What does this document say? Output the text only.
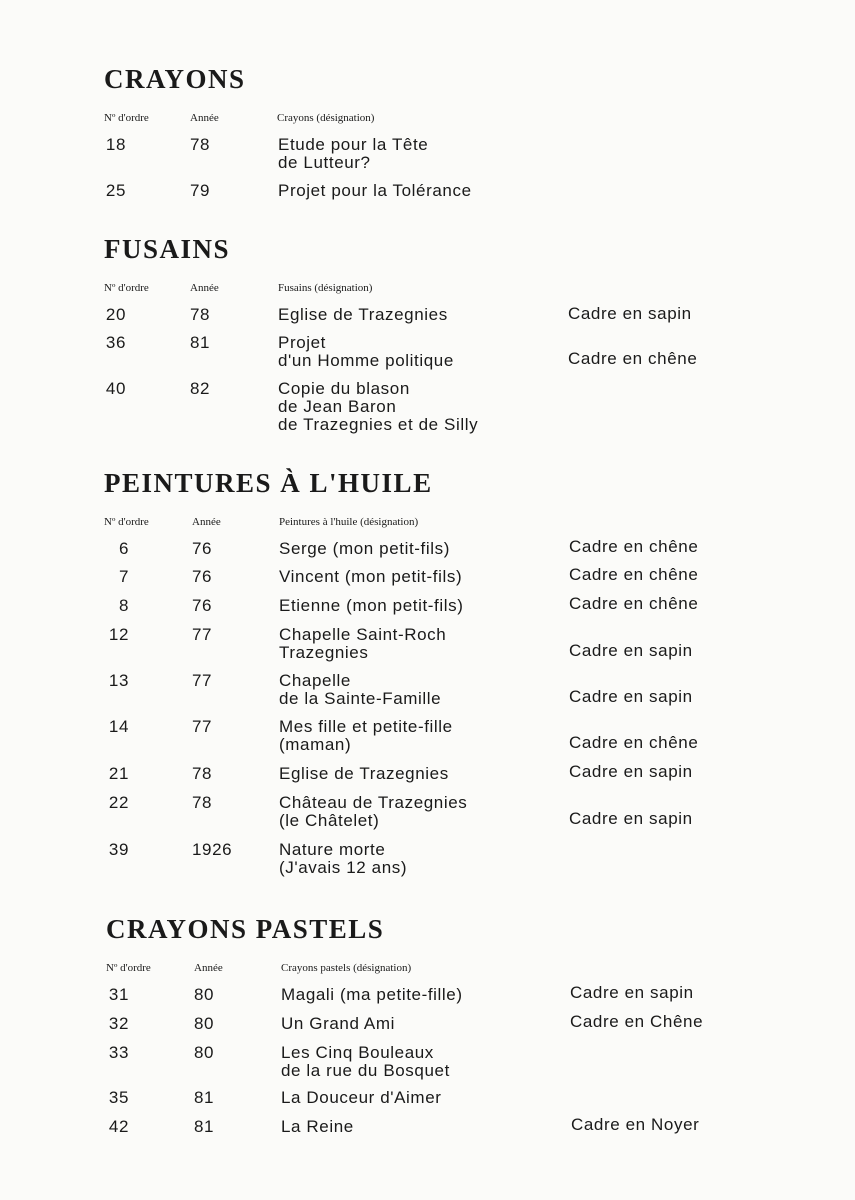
CRAYONS
Nº d'ordre	Année	Crayons (désignation)
18	78	Etude pour la Tête
de Lutteur?
25	79	Projet pour la Tolérance
FUSAINS
Nº d'ordre	Année	Fusains (désignation)
20	78	Eglise de Trazegnies	Cadre en sapin
36	81	Projet
d'un Homme politique	Cadre en chêne
40	82	Copie du blason
de Jean Baron
de Trazegnies et de Silly
PEINTURES À L'HUILE
Nº d'ordre	Année	Peintures à l'huile (désignation)
6	76	Serge (mon petit-fils)	Cadre en chêne
7	76	Vincent (mon petit-fils)	Cadre en chêne
8	76	Etienne (mon petit-fils)	Cadre en chêne
12	77	Chapelle Saint-Roch
Trazegnies	Cadre en sapin
13	77	Chapelle
de la Sainte-Famille	Cadre en sapin
14	77	Mes fille et petite-fille
(maman)	Cadre en chêne
21	78	Eglise de Trazegnies	Cadre en sapin
22	78	Château de Trazegnies
(le Châtelet)	Cadre en sapin
39	1926	Nature morte
(J'avais 12 ans)
CRAYONS PASTELS
Nº d'ordre	Année	Crayons pastels (désignation)
31	80	Magali (ma petite-fille)	Cadre en sapin
32	80	Un Grand Ami	Cadre en Chêne
33	80	Les Cinq Bouleaux
de la rue du Bosquet
35	81	La Douceur d'Aimer
42	81	La Reine	Cadre en Noyer
